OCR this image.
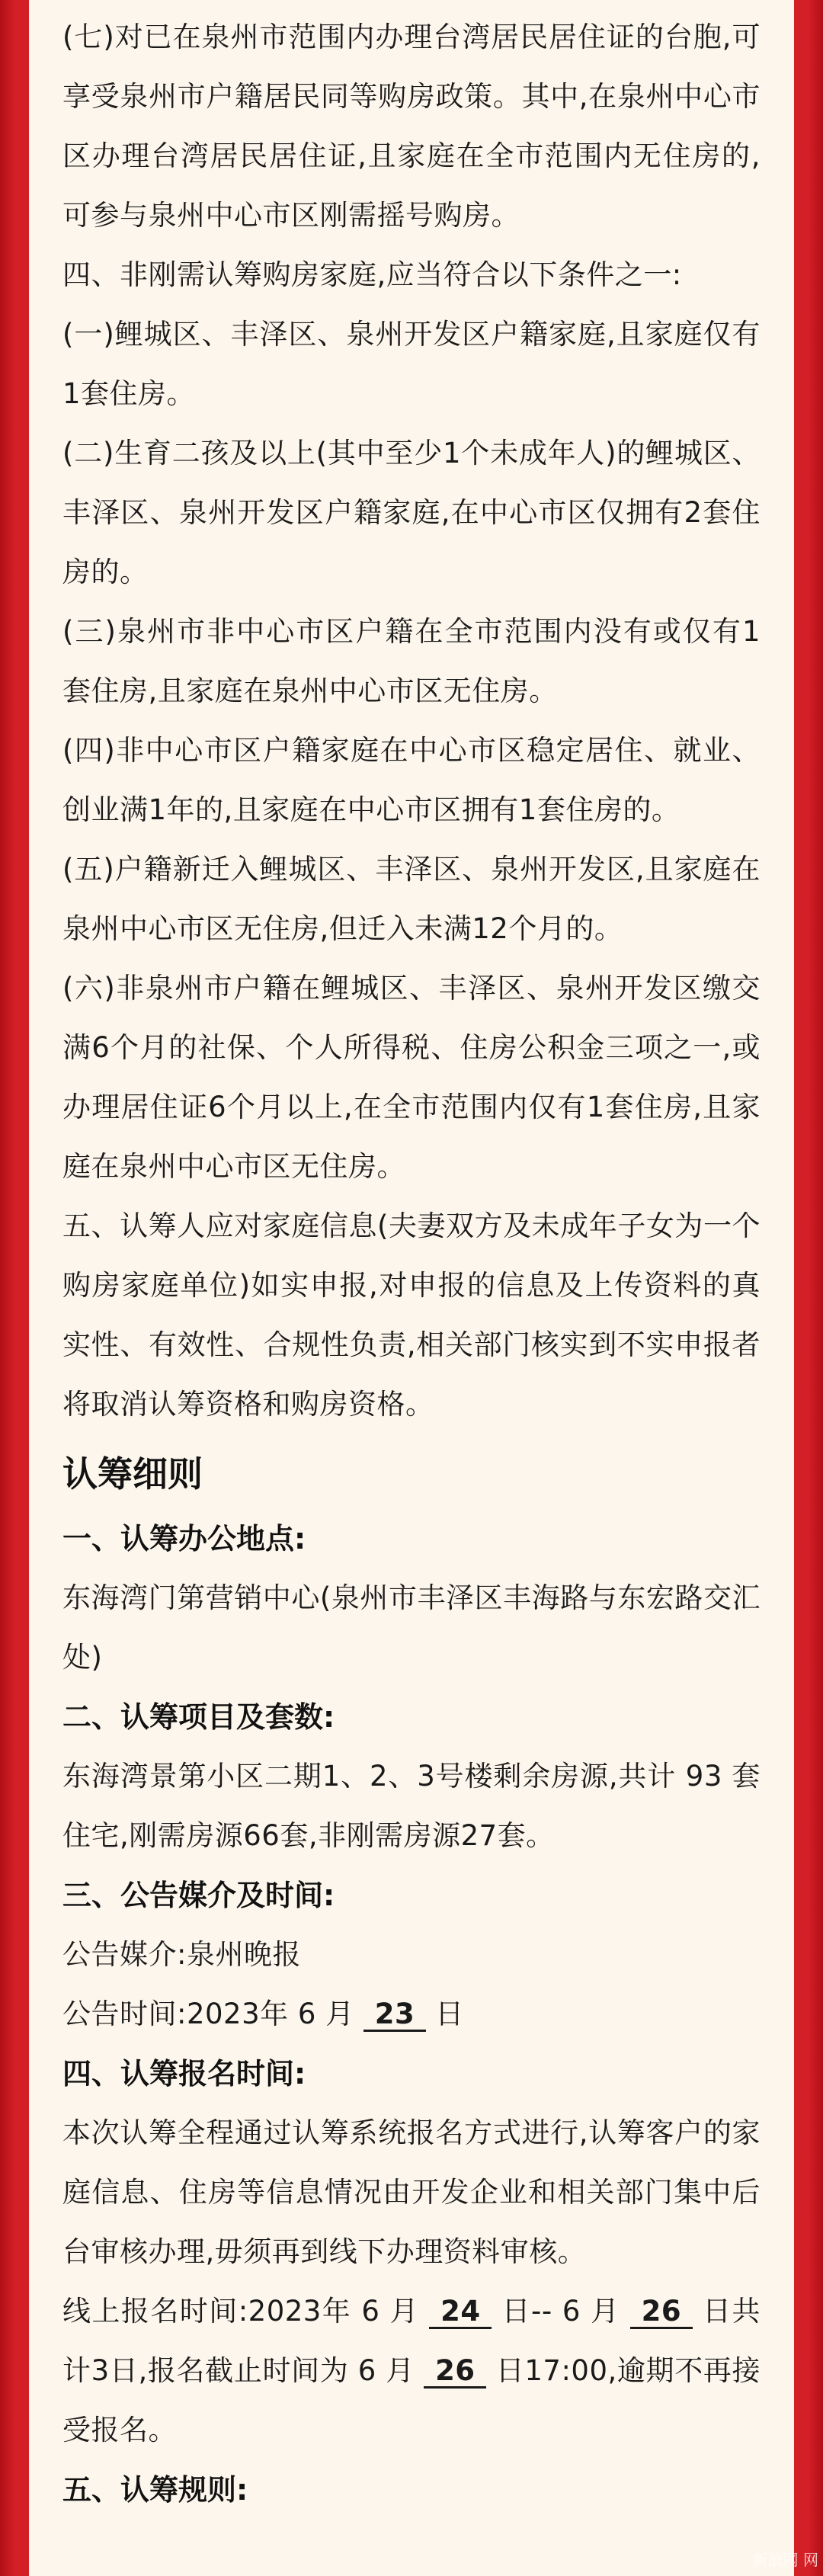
(七)对已在泉州市范围内办理台湾居民居住证的台胞,可享受泉州市户籍居民同等购房政策。其中,在泉州中心市区办理台湾居民居住证,且家庭在全市范围内无住房的,可参与泉州中心市区刚需摇号购房。

四、非刚需认筹购房家庭,应当符合以下条件之一:

(一)鲤城区、丰泽区、泉州开发区户籍家庭,且家庭仅有1套住房。

(二)生育二孩及以上(其中至少1个未成年人)的鲤城区、丰泽区、泉州开发区户籍家庭,在中心市区仅拥有2套住房的。

(三)泉州市非中心市区户籍在全市范围内没有或仅有1套住房,且家庭在泉州中心市区无住房。

(四)非中心市区户籍家庭在中心市区稳定居住、就业、创业满1年的,且家庭在中心市区拥有1套住房的。

(五)户籍新迁入鲤城区、丰泽区、泉州开发区,且家庭在泉州中心市区无住房,但迁入未满12个月的。

(六)非泉州市户籍在鲤城区、丰泽区、泉州开发区缴交满6个月的社保、个人所得税、住房公积金三项之一,或办理居住证6个月以上,在全市范围内仅有1套住房,且家庭在泉州中心市区无住房。

五、认筹人应对家庭信息(夫妻双方及未成年子女为一个购房家庭单位)如实申报,对申报的信息及上传资料的真实性、有效性、合规性负责,相关部门核实到不实申报者将取消认筹资格和购房资格。

认筹细则
一、认筹办公地点:

东海湾门第营销中心(泉州市丰泽区丰海路与东宏路交汇处)

二、认筹项目及套数:

东海湾景第小区二期1、2、3号楼剩余房源,共计 93 套住宅,刚需房源66套,非刚需房源27套。

三、公告媒介及时间:

公告媒介:泉州晚报

公告时间:2023年 6 月 23 日

四、认筹报名时间:

本次认筹全程通过认筹系统报名方式进行,认筹客户的家庭信息、住房等信息情况由开发企业和相关部门集中后台审核办理,毋须再到线下办理资料审核。

线上报名时间:2023年 6 月 24 日-- 6 月 26 日共计3日,报名截止时间为 6 月 26 日17:00,逾期不再接受报名。

五、认筹规则:
新浪网 网
